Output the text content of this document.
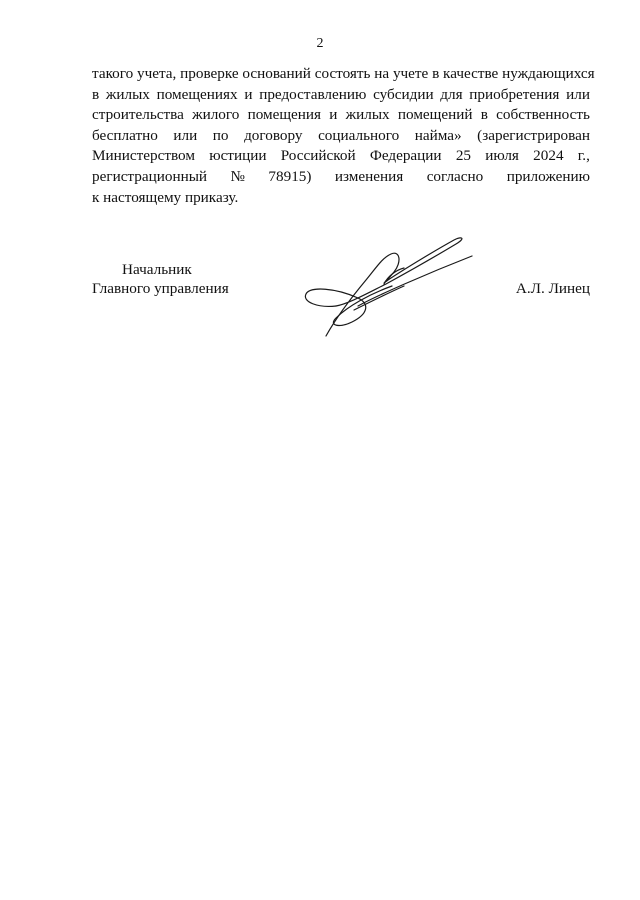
2
такого учета, проверке оснований состоять на учете в качестве нуждающихся
в жилых помещениях и предоставлению субсидии для приобретения или
строительства жилого помещения и жилых помещений в собственность
бесплатно или по договору социального найма» (зарегистрирован
Министерством юстиции Российской Федерации 25 июля 2024 г.,
регистрационный № 78915) изменения согласно приложению
к настоящему приказу.
Начальник
Главного управления	А.Л. Линец
